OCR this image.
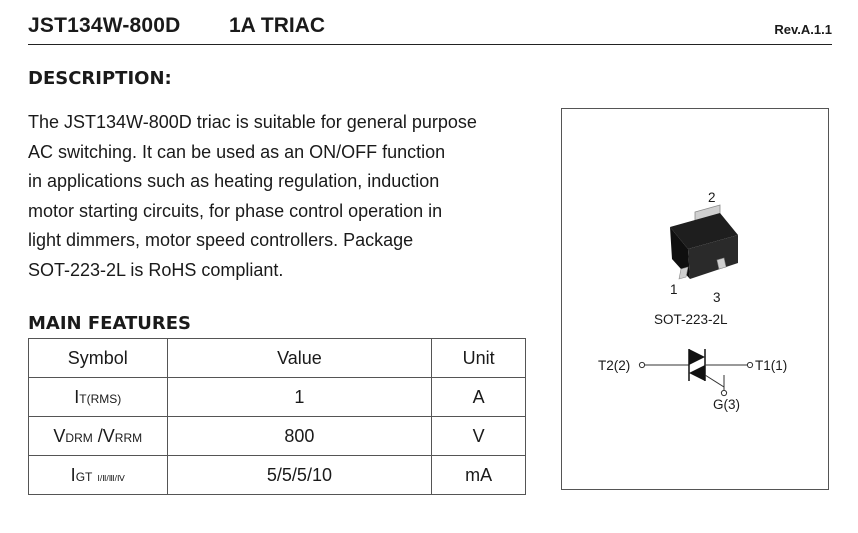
JST134W-800D 1A TRIAC	Rev.A.1.1
DESCRIPTION:
The JST134W-800D triac is suitable for general purpose
AC switching. It can be used as an ON/OFF function
in applications such as heating regulation, induction
motor starting circuits, for phase control operation in
light dimmers, motor speed controllers. Package
SOT-223-2L is RoHS compliant.
MAIN FEATURES
Symbol	Value	Unit
IT(RMS)	1	A
VDRM /VRRM	800	V
IGT Ⅰ/Ⅱ/Ⅲ/Ⅳ	5/5/5/10	mA
2
1
3
SOT-223-2L
T2(2)	T1(1)
G(3)
